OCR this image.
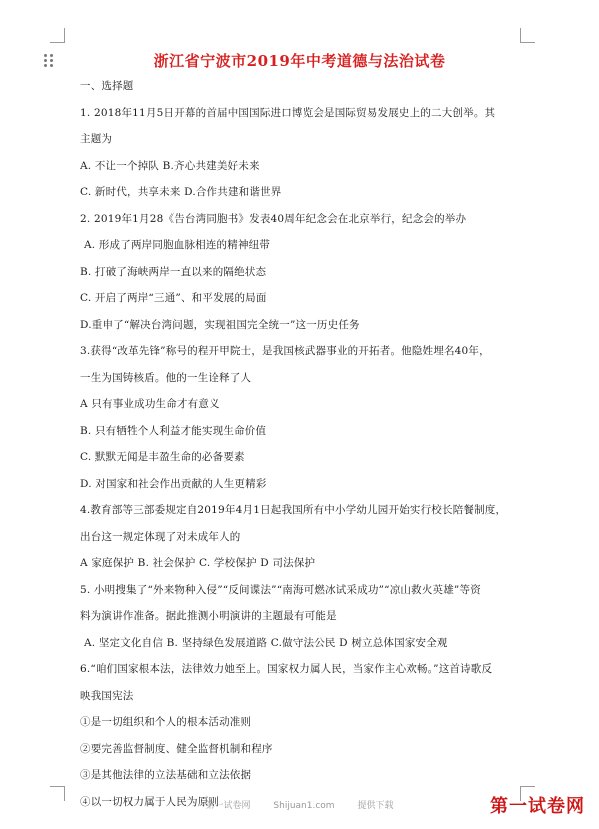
浙江省宁波市2019年中考道德与法治试卷
一、选择题
1. 2018年11月5日开幕的首届中国国际进口博览会是国际贸易发展史上的二大创举。其
主题为
A. 不让一个掉队 B.齐心共建美好未来
C. 新时代，共享未来 D.合作共建和谐世界
2. 2019年1月28《告台湾同胞书》发表40周年纪念会在北京举行，纪念会的举办
A. 形成了两岸同胞血脉相连的精神纽带
B. 打破了海峡两岸一直以来的隔绝状态
C. 开启了两岸“三通”、和平发展的局面
D.重申了“解决台湾问题，实现祖国完全统一”这一历史任务
3.获得“改革先锋”称号的程开甲院士，是我国核武器事业的开拓者。他隐姓埋名40年，
一生为国铸核盾。他的一生诠释了人
A 只有事业成功生命才有意义
B. 只有牺牲个人利益才能实现生命价值
C. 默默无闻是丰盈生命的必备要素
D. 对国家和社会作出贡献的人生更精彩
4.教育部等三部委规定自2019年4月1日起我国所有中小学幼儿园开始实行校长陪餐制度，
出台这一规定体现了对未成年人的
A 家庭保护 B. 社会保护 C. 学校保护 D 司法保护
5. 小明搜集了“外来物种入侵”“反间谍法”“南海可燃冰试采成功”“凉山救火英雄”等资
料为演讲作准备。据此推测小明演讲的主题最有可能是
A. 坚定文化自信 B. 坚持绿色发展道路 C.做守法公民 D 树立总体国家安全观
6.“咱们国家根本法，法律效力她至上。国家权力属人民，当家作主心欢畅。”这首诗歌反
映我国宪法
①是一切组织和个人的根本活动准则
②要完善监督制度、健全监督机制和程序
③是其他法律的立法基础和立法依据
④以一切权力属于人民为原则
第一试卷网	Shijuan1.com	提供下载	第一试卷网
